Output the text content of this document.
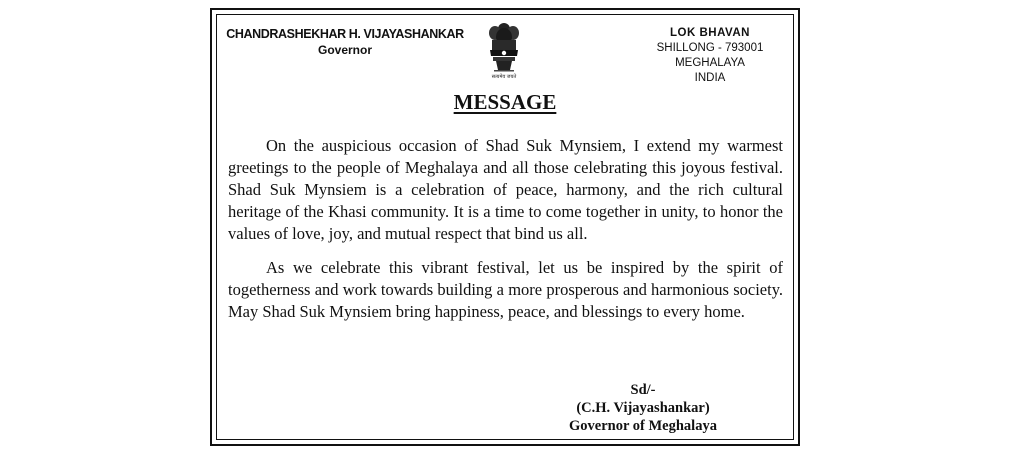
CHANDRASHEKHAR H. VIJAYASHANKAR
Governor
सत्यमेव जयते
LOK BHAVAN
SHILLONG - 793001
MEGHALAYA
INDIA
MESSAGE

On the auspicious occasion of Shad Suk Mynsiem, I extend my warmest greetings to the people of Meghalaya and all those celebrating this joyous festival. Shad Suk Mynsiem is a celebration of peace, harmony, and the rich cultural heritage of the Khasi community. It is a time to come together in unity, to honor the values of love, joy, and mutual respect that bind us all.

As we celebrate this vibrant festival, let us be inspired by the spirit of togetherness and work towards building a more prosperous and harmonious society. May Shad Suk Mynsiem bring happiness, peace, and blessings to every home.

Sd/-
(C.H. Vijayashankar)
Governor of Meghalaya
